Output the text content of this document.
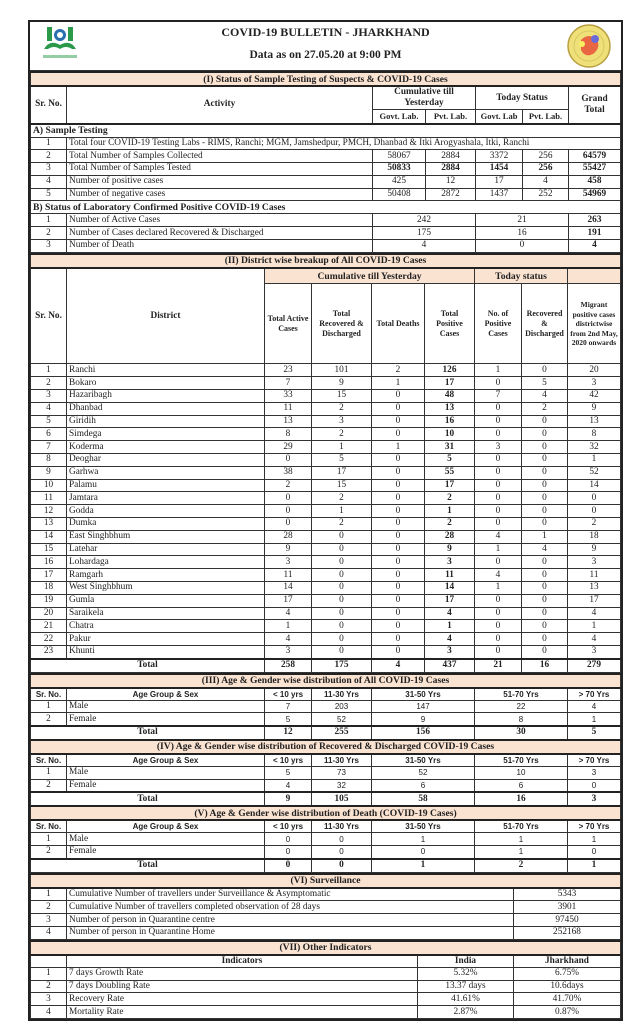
COVID-19 BULLETIN - JHARKHAND
Data as on 27.05.20 at 9:00 PM
(I) Status of Sample Testing of Suspects & COVID-19 Cases						
Sr. No.	Activity	Cumulative till Yesterday		Today Status		Grand Total
		Govt. Lab.	Pvt. Lab.	Govt. Lab	Pvt. Lab.	
A) Sample Testing						
1	Total four COVID-19 Testing Labs - RIMS, Ranchi; MGM, Jamshedpur, PMCH, Dhanbad & Itki Arogyashala, Itki, Ranchi					
2	Total Number of Samples Collected	58067	2884	3372	256	64579
3	Total Number of Samples Tested	50833	2884	1454	256	55427
4	Number of positive cases	425	12	17	4	458
5	Number of negative cases	50408	2872	1437	252	54969
B) Status of Laboratory Confirmed Positive COVID-19 Cases						
1	Number of Active Cases	242		21		263
2	Number of Cases declared Recovered & Discharged	175		16		191
3	Number of Death	4		0		4
(II) District wise breakup of All COVID-19 Cases								
Sr. No.	District	Cumulative till Yesterday				Today status		
		Total Active Cases	Total Recovered & Discharged	Total Deaths	Total Positive Cases	No. of Positive Cases	Recovered & Discharged	Migrant positive cases districtwise from 2nd May, 2020 onwards
1	Ranchi	23	101	2	126	1	0	20
2	Bokaro	7	9	1	17	0	5	3
3	Hazaribagh	33	15	0	48	7	4	42
4	Dhanbad	11	2	0	13	0	2	9
5	Giridih	13	3	0	16	0	0	13
6	Simdega	8	2	0	10	0	0	8
7	Koderma	29	1	1	31	3	0	32
8	Deoghar	0	5	0	5	0	0	1
9	Garhwa	38	17	0	55	0	0	52
10	Palamu	2	15	0	17	0	0	14
11	Jamtara	0	2	0	2	0	0	0
12	Godda	0	1	0	1	0	0	0
13	Dumka	0	2	0	2	0	0	2
14	East Singhbhum	28	0	0	28	4	1	18
15	Latehar	9	0	0	9	1	4	9
16	Lohardaga	3	0	0	3	0	0	3
17	Ramgarh	11	0	0	11	4	0	11
18	West Singhbhum	14	0	0	14	1	0	13
19	Gumla	17	0	0	17	0	0	17
20	Saraikela	4	0	0	4	0	0	4
21	Chatra	1	0	0	1	0	0	1
22	Pakur	4	0	0	4	0	0	4
23	Khunti	3	0	0	3	0	0	3
Total		258	175	4	437	21	16	279
(III) Age & Gender wise distribution of All COVID-19 Cases						
Sr. No.	Age Group & Sex	< 10 yrs	11-30 Yrs	31-50 Yrs	51-70 Yrs	> 70 Yrs
1	Male	7	203	147	22	4
2	Female	5	52	9	8	1
Total		12	255	156	30	5
(IV) Age & Gender wise distribution of Recovered & Discharged COVID-19 Cases						
Sr. No.	Age Group & Sex	< 10 yrs	11-30 Yrs	31-50 Yrs	51-70 Yrs	> 70 Yrs
1	Male	5	73	52	10	3
2	Female	4	32	6	6	0
Total		9	105	58	16	3
(V) Age & Gender wise distribution of Death (COVID-19 Cases)						
Sr. No.	Age Group & Sex	< 10 yrs	11-30 Yrs	31-50 Yrs	51-70 Yrs	> 70 Yrs
1	Male	0	0	1	1	1
2	Female	0	0	0	1	0
Total		0	0	1	2	1
(VI) Surveillance		
1	Cumulative Number of travellers under Surveillance & Asymptomatic	5343
2	Cumulative Number of travellers completed observation of 28 days	3901
3	Number of person in Quarantine centre	97450
4	Number of person in Quarantine Home	252168
(VII) Other Indicators			
	Indicators	India	Jharkhand
1	7 days Growth Rate	5.32%	6.75%
2	7 days Doubling Rate	13.37 days	10.6days
3	Recovery Rate	41.61%	41.70%
4	Mortality Rate	2.87%	0.87%
